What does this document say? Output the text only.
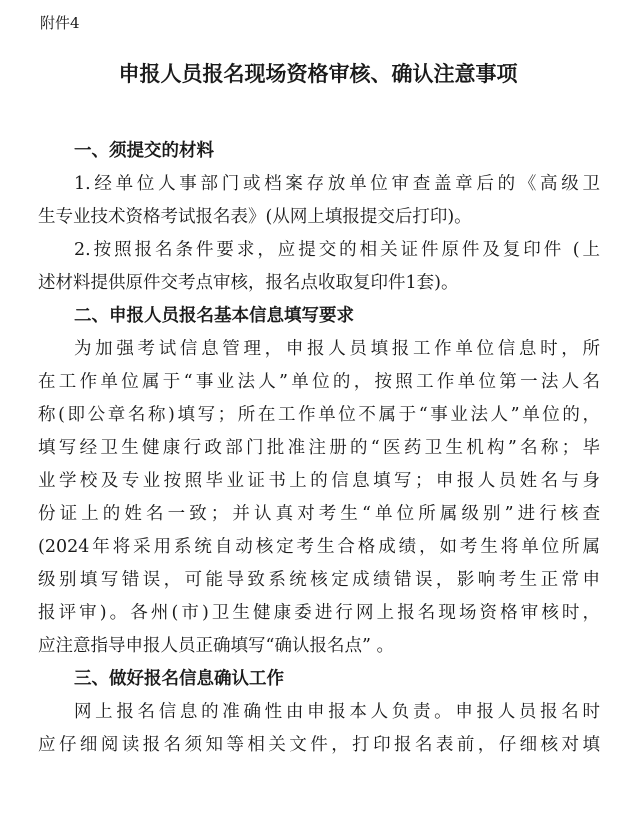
附件4
申报人员报名现场资格审核、确认注意事项
一、须提交的材料
1.经单位人事部门或档案存放单位审查盖章后的《高级卫
生专业技术资格考试报名表》(从网上填报提交后打印)。
2.按照报名条件要求，应提交的相关证件原件及复印件 (上
述材料提供原件交考点审核，报名点收取复印件1套)。
二、申报人员报名基本信息填写要求
为加强考试信息管理，申报人员填报工作单位信息时，所
在工作单位属于“事业法人”单位的，按照工作单位第一法人名
称(即公章名称)填写；所在工作单位不属于“事业法人”单位的，
填写经卫生健康行政部门批准注册的“医药卫生机构”名称；毕
业学校及专业按照毕业证书上的信息填写；申报人员姓名与身
份证上的姓名一致；并认真对考生“单位所属级别”进行核查
(2024年将采用系统自动核定考生合格成绩，如考生将单位所属
级别填写错误，可能导致系统核定成绩错误，影响考生正常申
报评审)。各州(市)卫生健康委进行网上报名现场资格审核时，
应注意指导申报人员正确填写“确认报名点” 。
三、做好报名信息确认工作
网上报名信息的准确性由申报本人负责。申报人员报名时
应仔细阅读报名须知等相关文件，打印报名表前，仔细核对填
